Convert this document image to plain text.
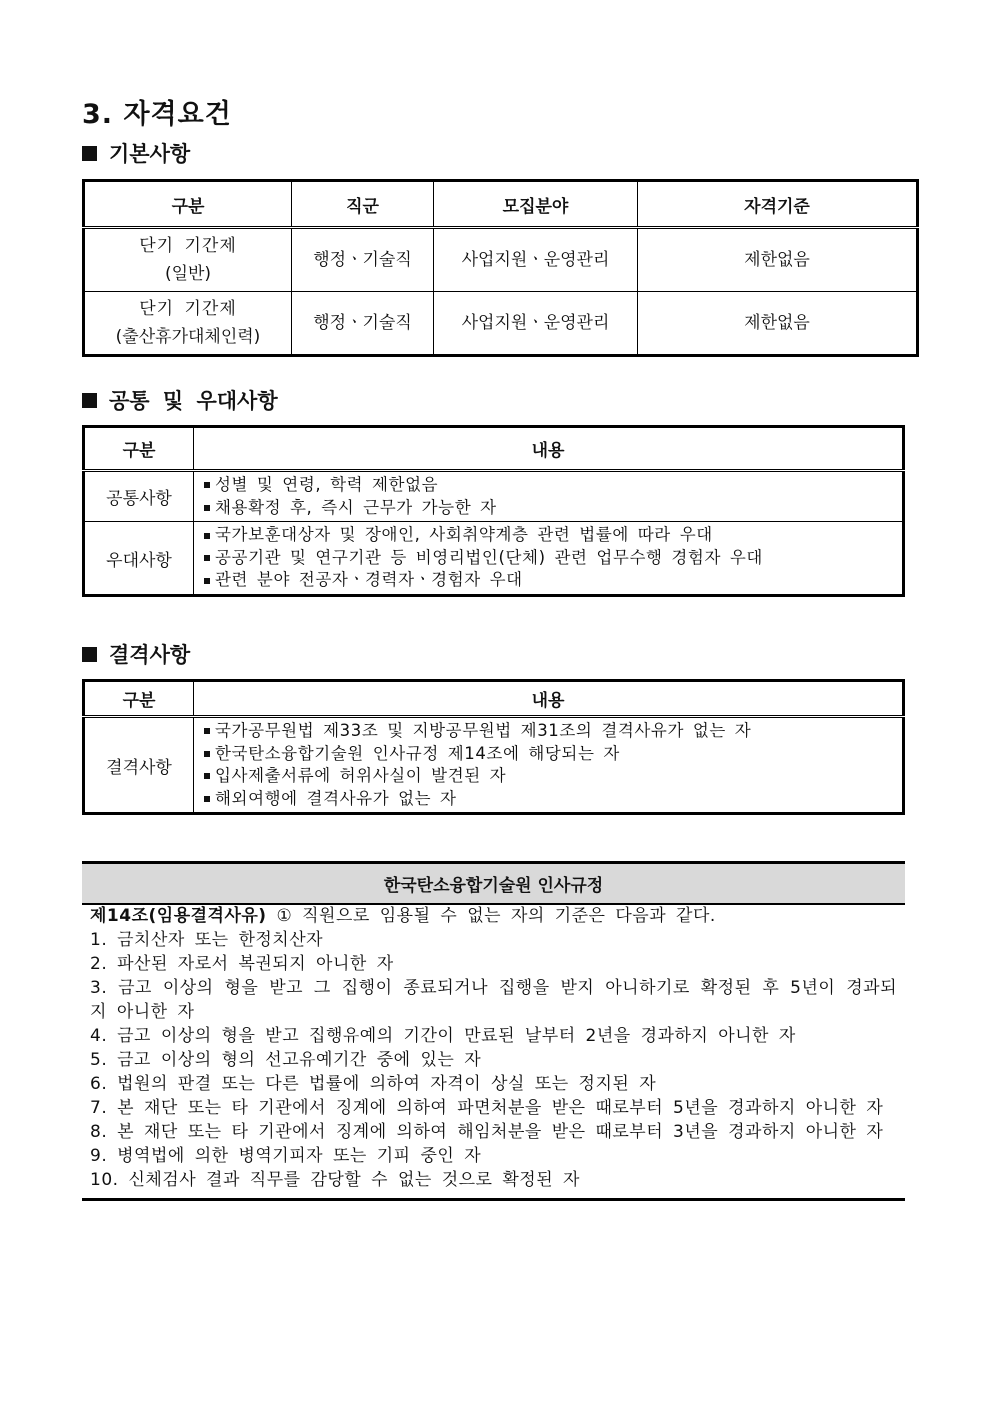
3. 자격요건
기본사항
구분	직군	모집분야	자격기준

단기 기간제
(일반)	행정ㆍ기술직	사업지원ㆍ운영관리	제한없음

단기 기간제
(출산휴가대체인력)	행정ㆍ기술직	사업지원ㆍ운영관리	제한없음
공통 및 우대사항
구분	내용
공통사항	성별 및 연령, 학력 제한없음
채용확정 후, 즉시 근무가 가능한 자

우대사항	국가보훈대상자 및 장애인, 사회취약계층 관련 법률에 따라 우대
공공기관 및 연구기관 등 비영리법인(단체) 관련 업무수행 경험자 우대
관련 분야 전공자ㆍ경력자ㆍ경험자 우대
결격사항
구분	내용
결격사항	국가공무원법 제33조 및 지방공무원법 제31조의 결격사유가 없는 자
한국탄소융합기술원 인사규정 제14조에 해당되는 자
입사제출서류에 허위사실이 발견된 자
해외여행에 결격사유가 없는 자
한국탄소융합기술원 인사규정
제14조(임용결격사유) ① 직원으로 임용될 수 없는 자의 기준은 다음과 같다.
1. 금치산자 또는 한정치산자
2. 파산된 자로서 복권되지 아니한 자
3. 금고 이상의 형을 받고 그 집행이 종료되거나 집행을 받지 아니하기로 확정된 후 5년이 경과되지 아니한 자
4. 금고 이상의 형을 받고 집행유예의 기간이 만료된 날부터 2년을 경과하지 아니한 자
5. 금고 이상의 형의 선고유예기간 중에 있는 자
6. 법원의 판결 또는 다른 법률에 의하여 자격이 상실 또는 정지된 자
7. 본 재단 또는 타 기관에서 징계에 의하여 파면처분을 받은 때로부터 5년을 경과하지 아니한 자
8. 본 재단 또는 타 기관에서 징계에 의하여 해임처분을 받은 때로부터 3년을 경과하지 아니한 자
9. 병역법에 의한 병역기피자 또는 기피 중인 자
10. 신체검사 결과 직무를 감당할 수 없는 것으로 확정된 자
